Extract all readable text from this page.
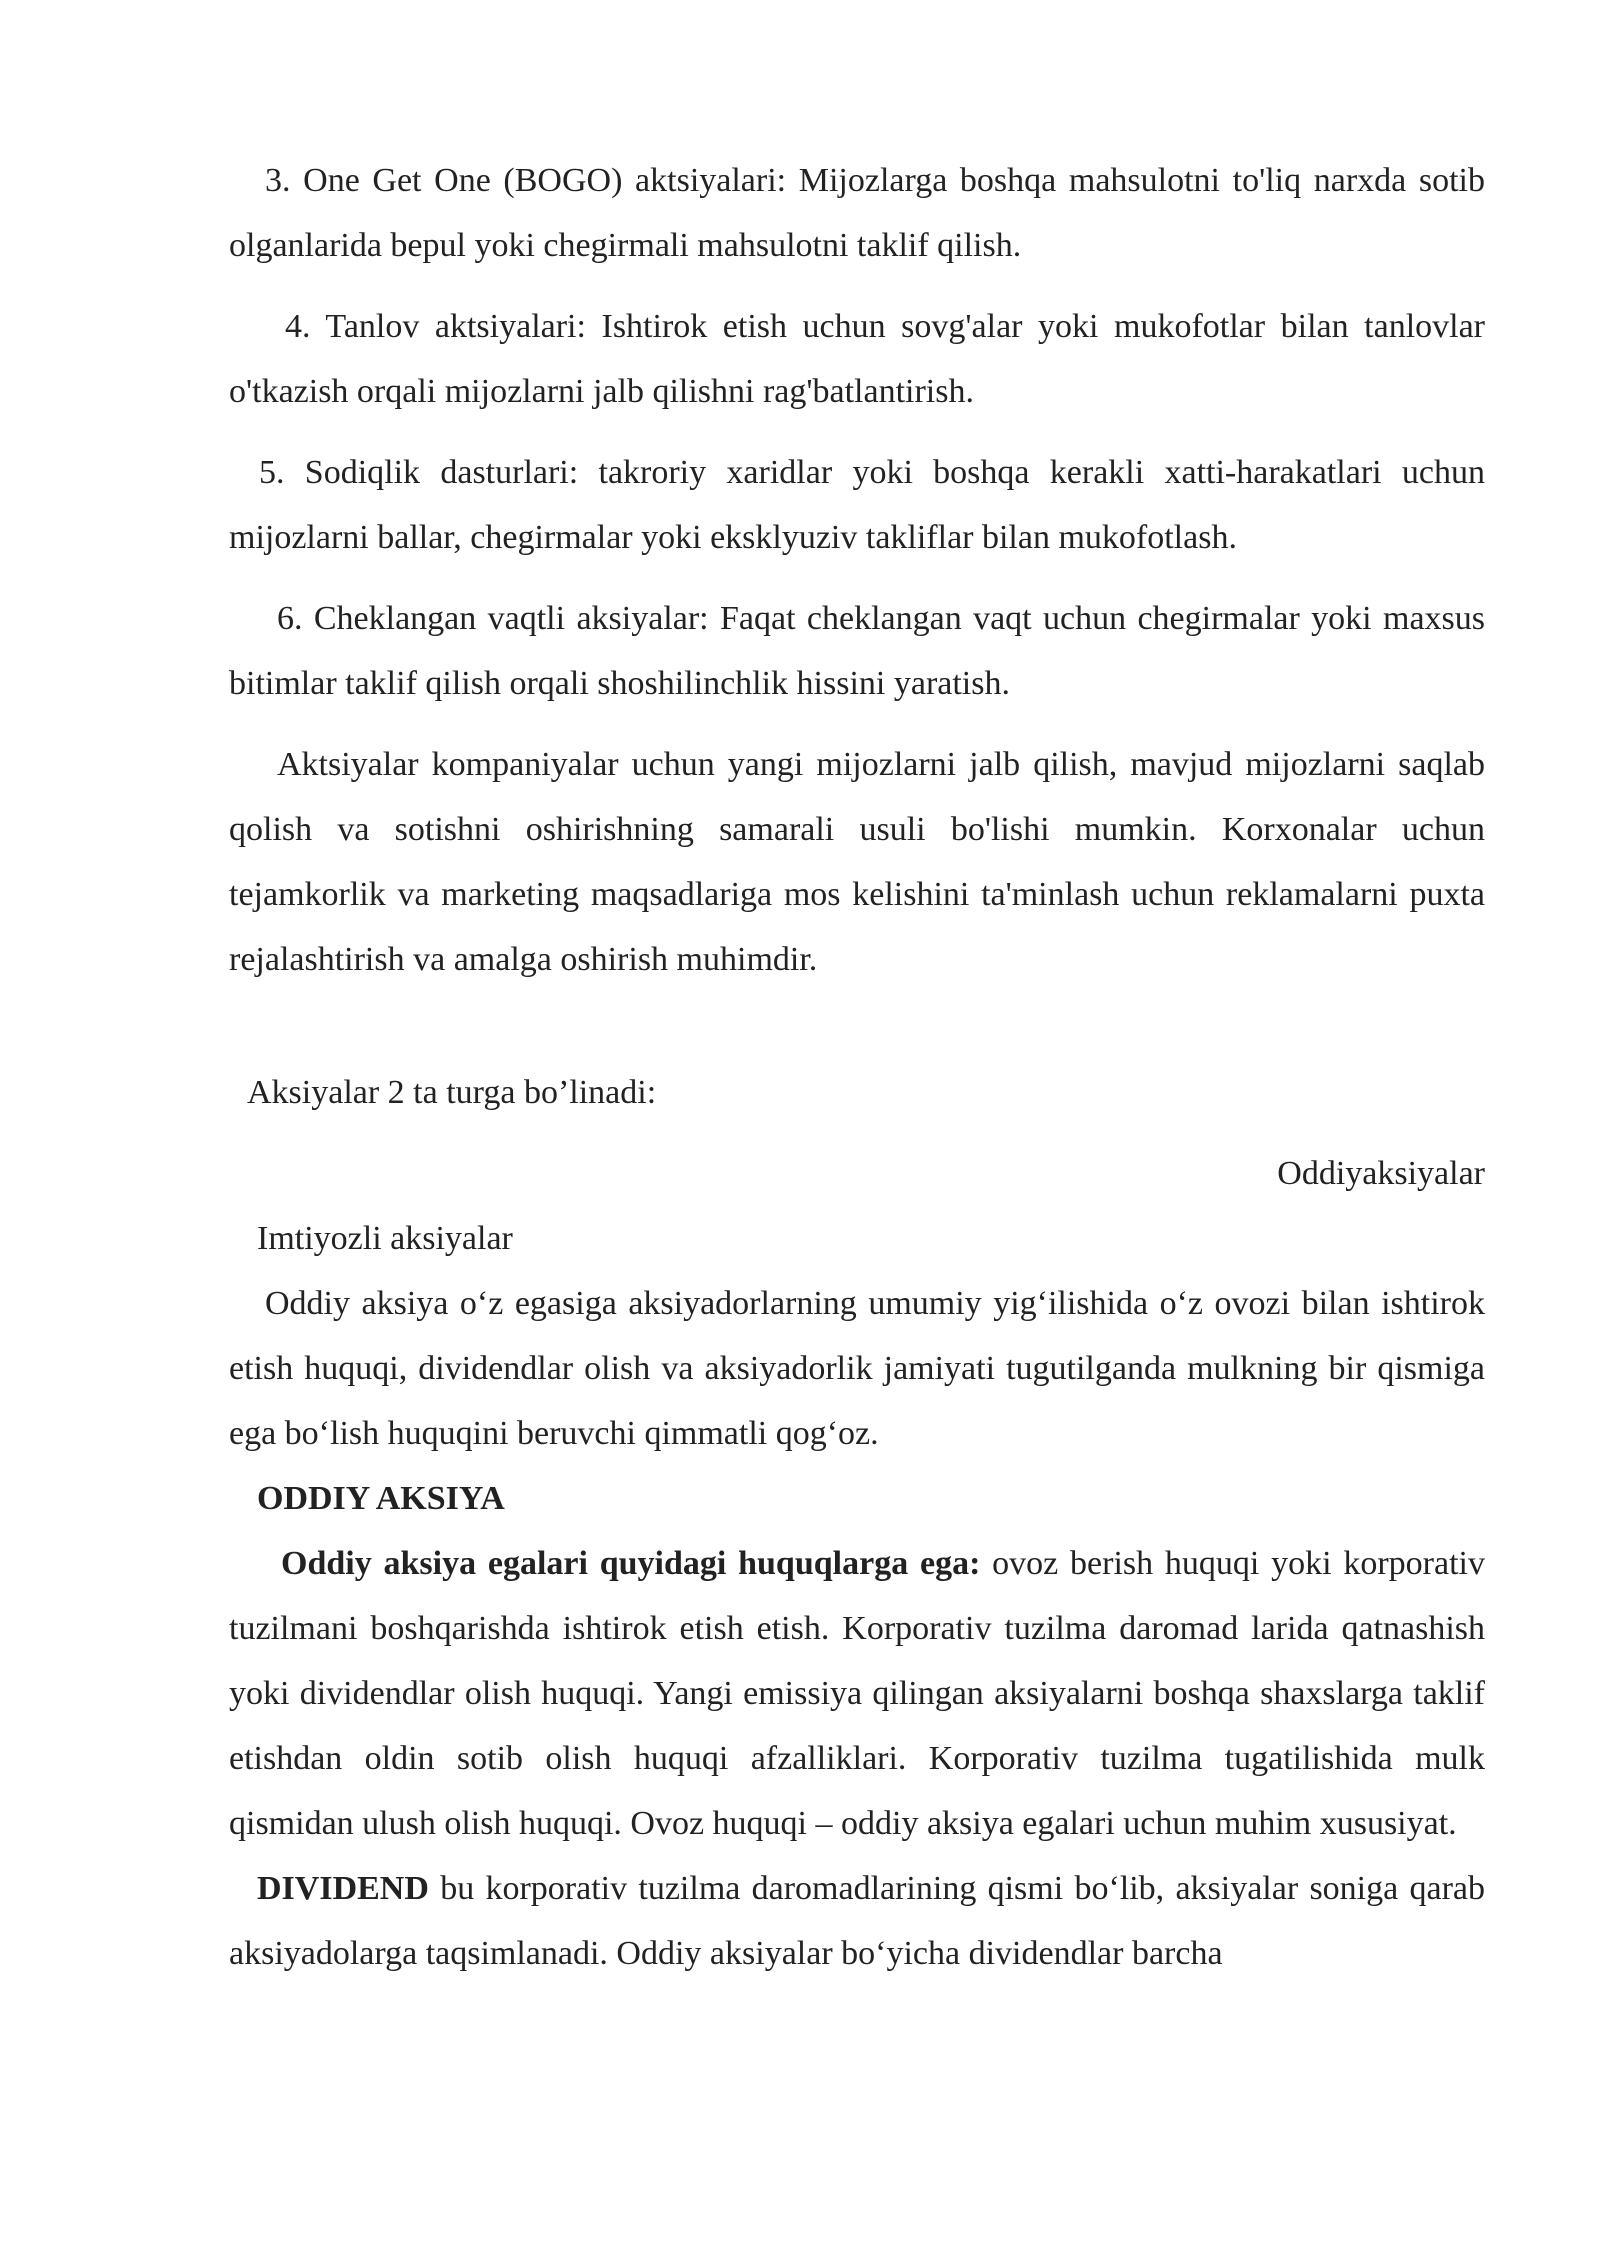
3. One Get One (BOGO) aktsiyalari: Mijozlarga boshqa mahsulotni to'liq narxda sotib olganlarida bepul yoki chegirmali mahsulotni taklif qilish.

4. Tanlov aktsiyalari: Ishtirok etish uchun sovg'alar yoki mukofotlar bilan tanlovlar o'tkazish orqali mijozlarni jalb qilishni rag'batlantirish.

5. Sodiqlik dasturlari: takroriy xaridlar yoki boshqa kerakli xatti-harakatlari uchun mijozlarni ballar, chegirmalar yoki eksklyuziv takliflar bilan mukofotlash.

6. Cheklangan vaqtli aksiyalar: Faqat cheklangan vaqt uchun chegirmalar yoki maxsus bitimlar taklif qilish orqali shoshilinchlik hissini yaratish.

Aktsiyalar kompaniyalar uchun yangi mijozlarni jalb qilish, mavjud mijozlarni saqlab qolish va sotishni oshirishning samarali usuli bo'lishi mumkin. Korxonalar uchun tejamkorlik va marketing maqsadlariga mos kelishini ta'minlash uchun reklamalarni puxta rejalashtirish va amalga oshirish muhimdir.

Aksiyalar 2 ta turga bo’linadi:

Oddiyaksiyalar

Imtiyozli aksiyalar

Oddiy aksiya o‘z egasiga aksiyadorlarning umumiy yig‘ilishida o‘z ovozi bilan ishtirok etish huquqi, dividendlar olish va aksiyadorlik jamiyati tugutilganda mulkning bir qismiga ega bo‘lish huquqini beruvchi qimmatli qog‘oz.

ODDIY AKSIYA

Oddiy aksiya egalari quyidagi huquqlarga ega: ovoz berish huquqi yoki korporativ tuzilmani boshqarishda ishtirok etish etish. Korporativ tuzilma daromad larida qatnashish yoki dividendlar olish huquqi. Yangi emissiya qilingan aksiyalarni boshqa shaxslarga taklif etishdan oldin sotib olish huquqi afzalliklari. Korporativ tuzilma tugatilishida mulk qismidan ulush olish huquqi. Ovoz huquqi – oddiy aksiya egalari uchun muhim xususiyat.

DIVIDEND bu korporativ tuzilma daromadlarining qismi bo‘lib, aksiyalar soniga qarab aksiyadolarga taqsimlanadi. Oddiy aksiyalar bo‘yicha dividendlar barcha
